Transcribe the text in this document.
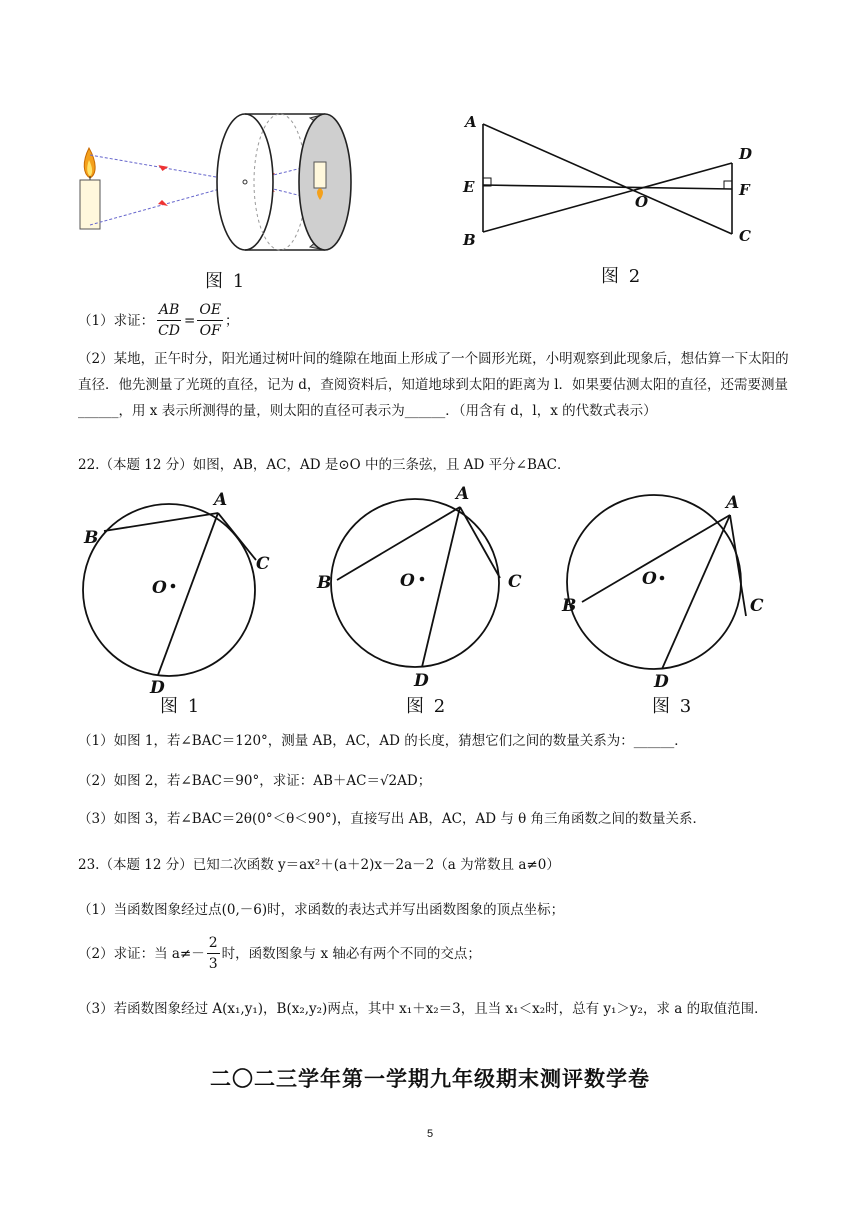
图 1
A
E
B
O
D
F
C
图 2
（1）求证： $\frac{AB}{CD} = \frac{OE}{OF}$ ；
（2）某地，正午时分，阳光通过树叶间的缝隙在地面上形成了一个圆形光斑，小明观察到此现象后，想估算一下太阳的直径．他先测量了光斑的直径，记为 d，查阅资料后，知道地球到太阳的距离为 l．如果要估测太阳的直径，还需要测量______，用 x 表示所测得的量，则太阳的直径可表示为______．（用含有 d，l，x 的代数式表示）
22.（本题 12 分）如图，AB，AC，AD 是⊙O 中的三条弦，且 AD 平分∠BAC．
A
B
C
D
O
A
B	C
D
O
A
B	C
D
O
图 1	图 2	图 3
（1）如图 1，若∠BAC＝120°，测量 AB，AC，AD 的长度，猜想它们之间的数量关系为：______．
（2）如图 2，若∠BAC＝90°，求证：AB＋AC＝√2AD；
（3）如图 3，若∠BAC＝2θ(0°＜θ＜90°)，直接写出 AB，AC，AD 与 θ 角三角函数之间的数量关系．
23.（本题 12 分）已知二次函数 y＝ax²＋(a＋2)x－2a－2（a 为常数且 a≠0）
（1）当函数图象经过点(0,－6)时，求函数的表达式并写出函数图象的顶点坐标；
（2）求证：当 $a\ne- \frac{2}{3}$ 时，函数图象与 x 轴必有两个不同的交点；
（3）若函数图象经过 A(x₁,y₁)，B(x₂,y₂)两点，其中 x₁＋x₂＝3，且当 x₁＜x₂时，总有 y₁＞y₂，求 a 的取值范围．
二〇二三学年第一学期九年级期末测评数学卷
5
